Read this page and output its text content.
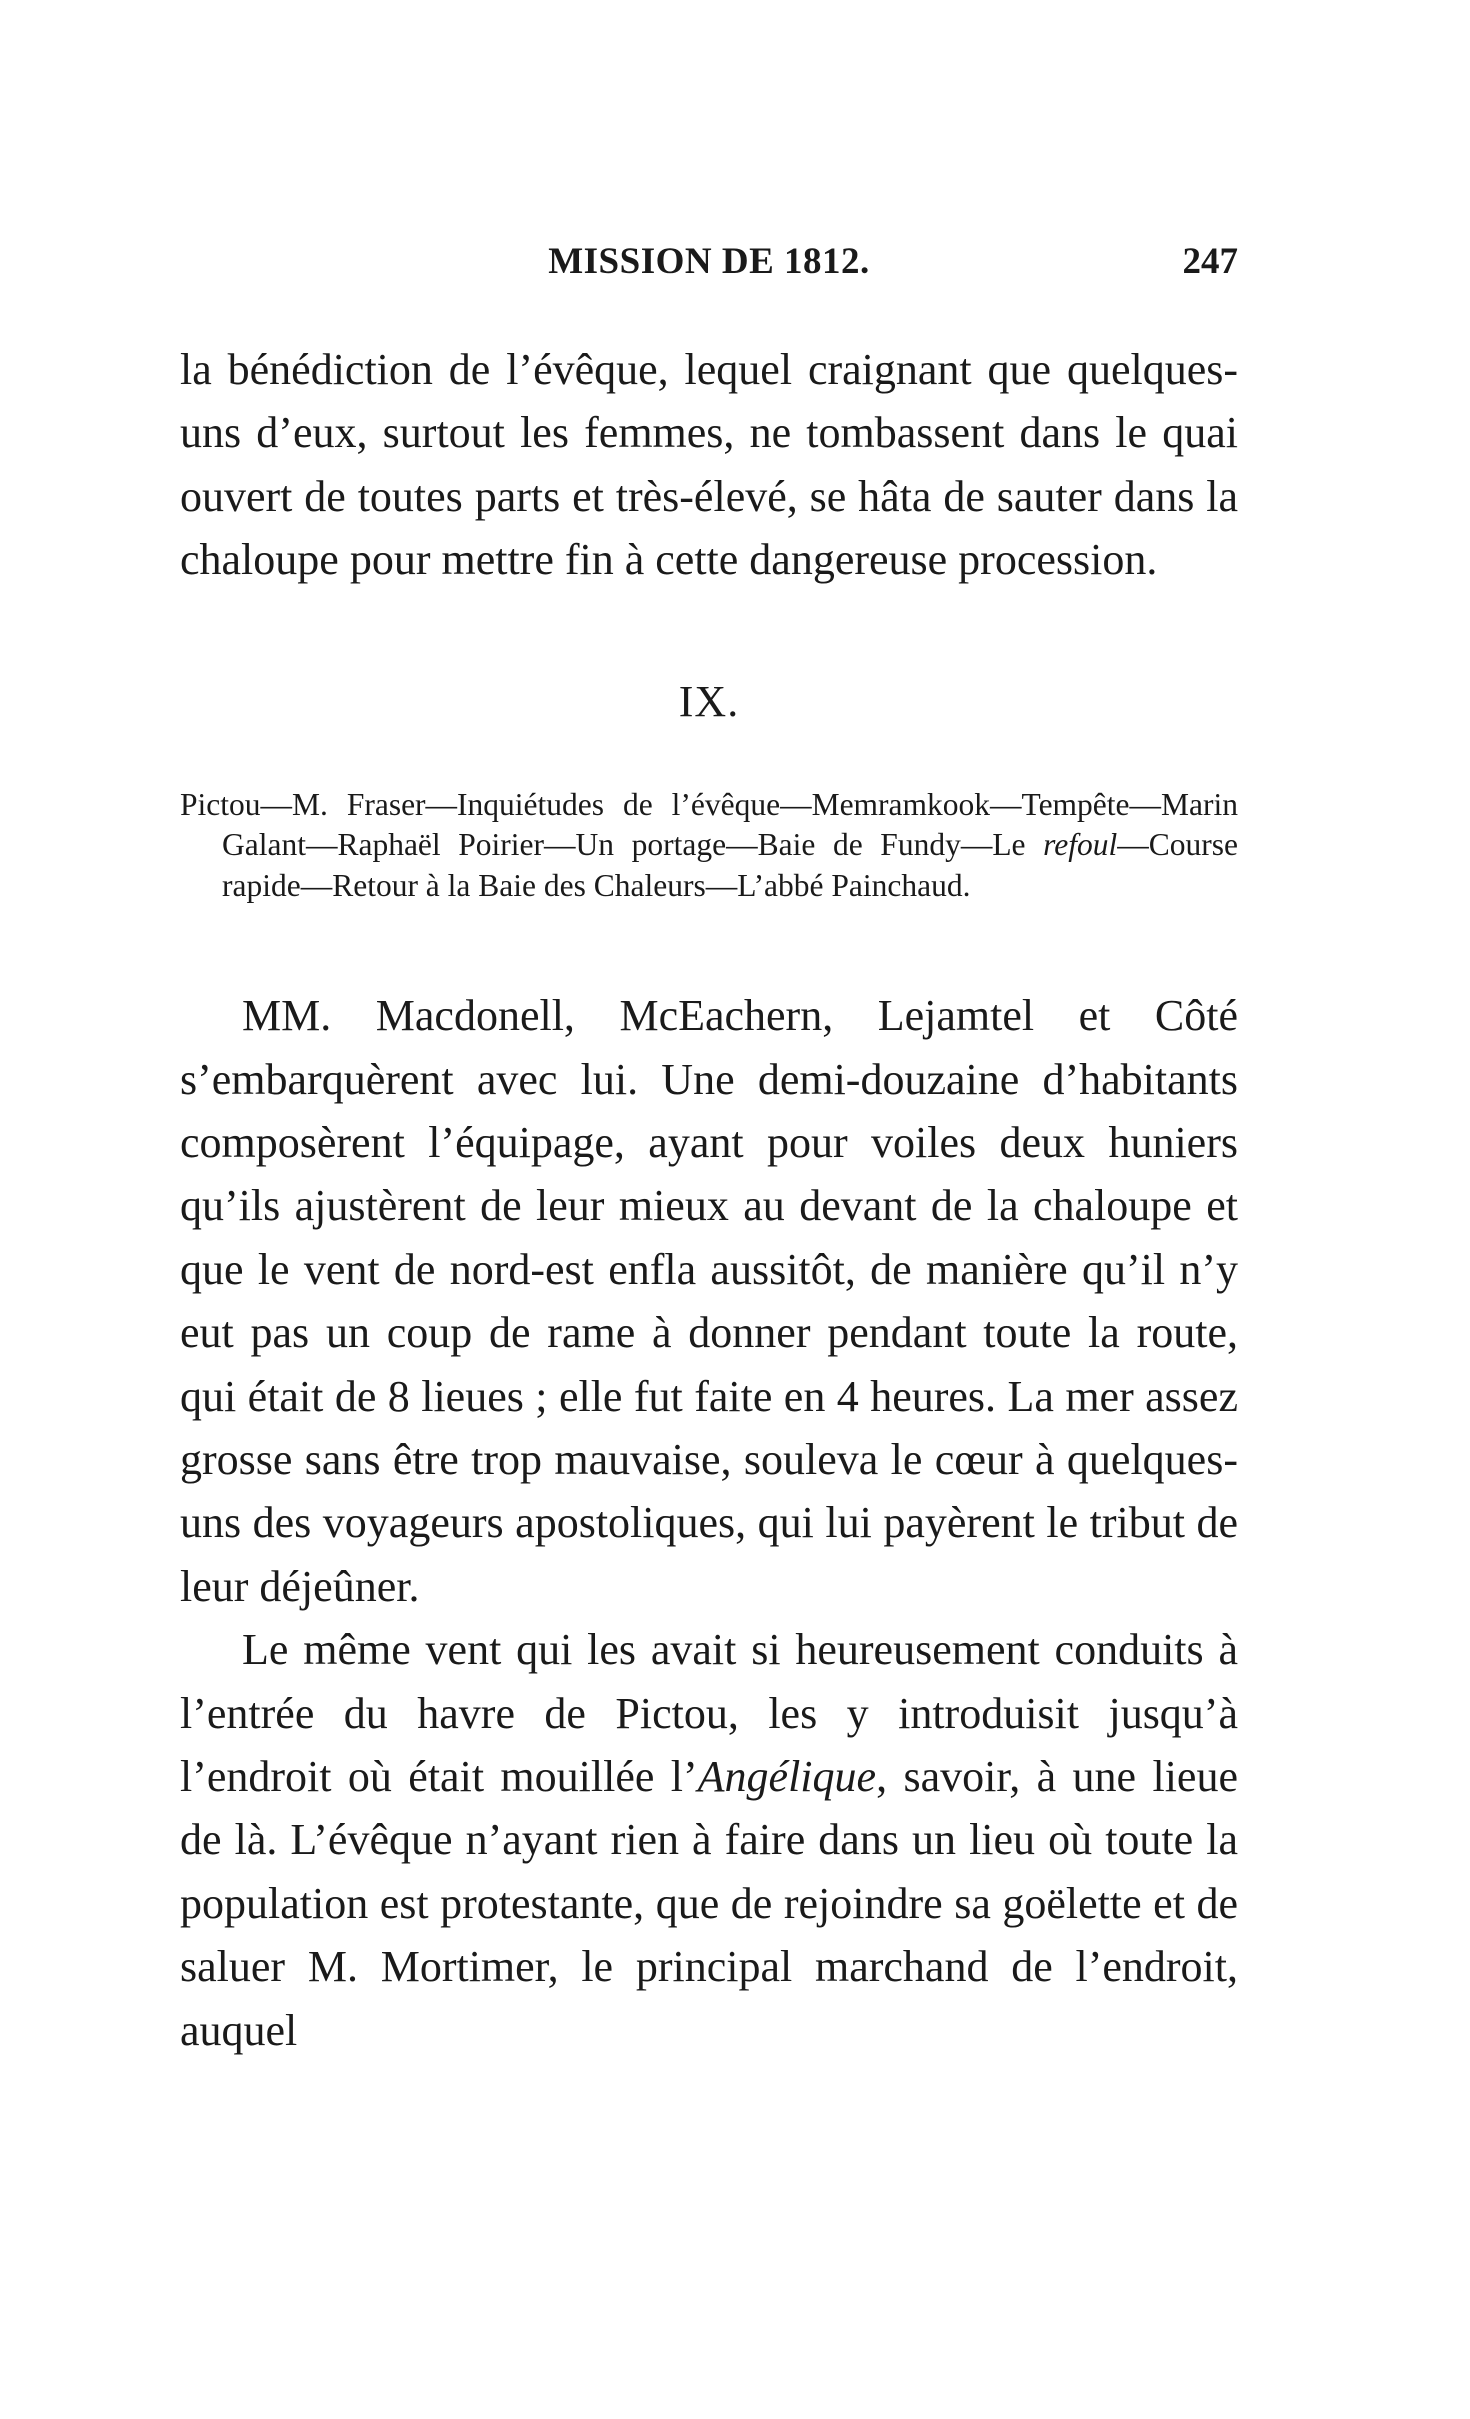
MISSION DE 1812.	247

la bénédiction de l’évêque, lequel craignant que quelques-uns d’eux, surtout les femmes, ne tombassent dans le quai ouvert de toutes parts et très-élevé, se hâta de sauter dans la chaloupe pour mettre fin à cette dangereuse procession.

IX.

Pictou—M. Fraser—Inquiétudes de l’évêque—Memramkook—Tempête—Marin Galant—Raphaël Poirier—Un portage—Baie de Fundy—Le refoul—Course rapide—Retour à la Baie des Chaleurs—L’abbé Painchaud.

MM. Macdonell, McEachern, Lejamtel et Côté s’embarquèrent avec lui. Une demi-douzaine d’habitants composèrent l’équipage, ayant pour voiles deux huniers qu’ils ajustèrent de leur mieux au devant de la chaloupe et que le vent de nord-est enfla aussitôt, de manière qu’il n’y eut pas un coup de rame à donner pendant toute la route, qui était de 8 lieues ; elle fut faite en 4 heures. La mer assez grosse sans être trop mauvaise, souleva le cœur à quelques-uns des voyageurs apostoliques, qui lui payèrent le tribut de leur déjeûner.

Le même vent qui les avait si heureusement conduits à l’entrée du havre de Pictou, les y introduisit jusqu’à l’endroit où était mouillée l’Angélique, savoir, à une lieue de là. L’évêque n’ayant rien à faire dans un lieu où toute la population est protestante, que de rejoindre sa goëlette et de saluer M. Mortimer, le principal marchand de l’endroit, auquel
